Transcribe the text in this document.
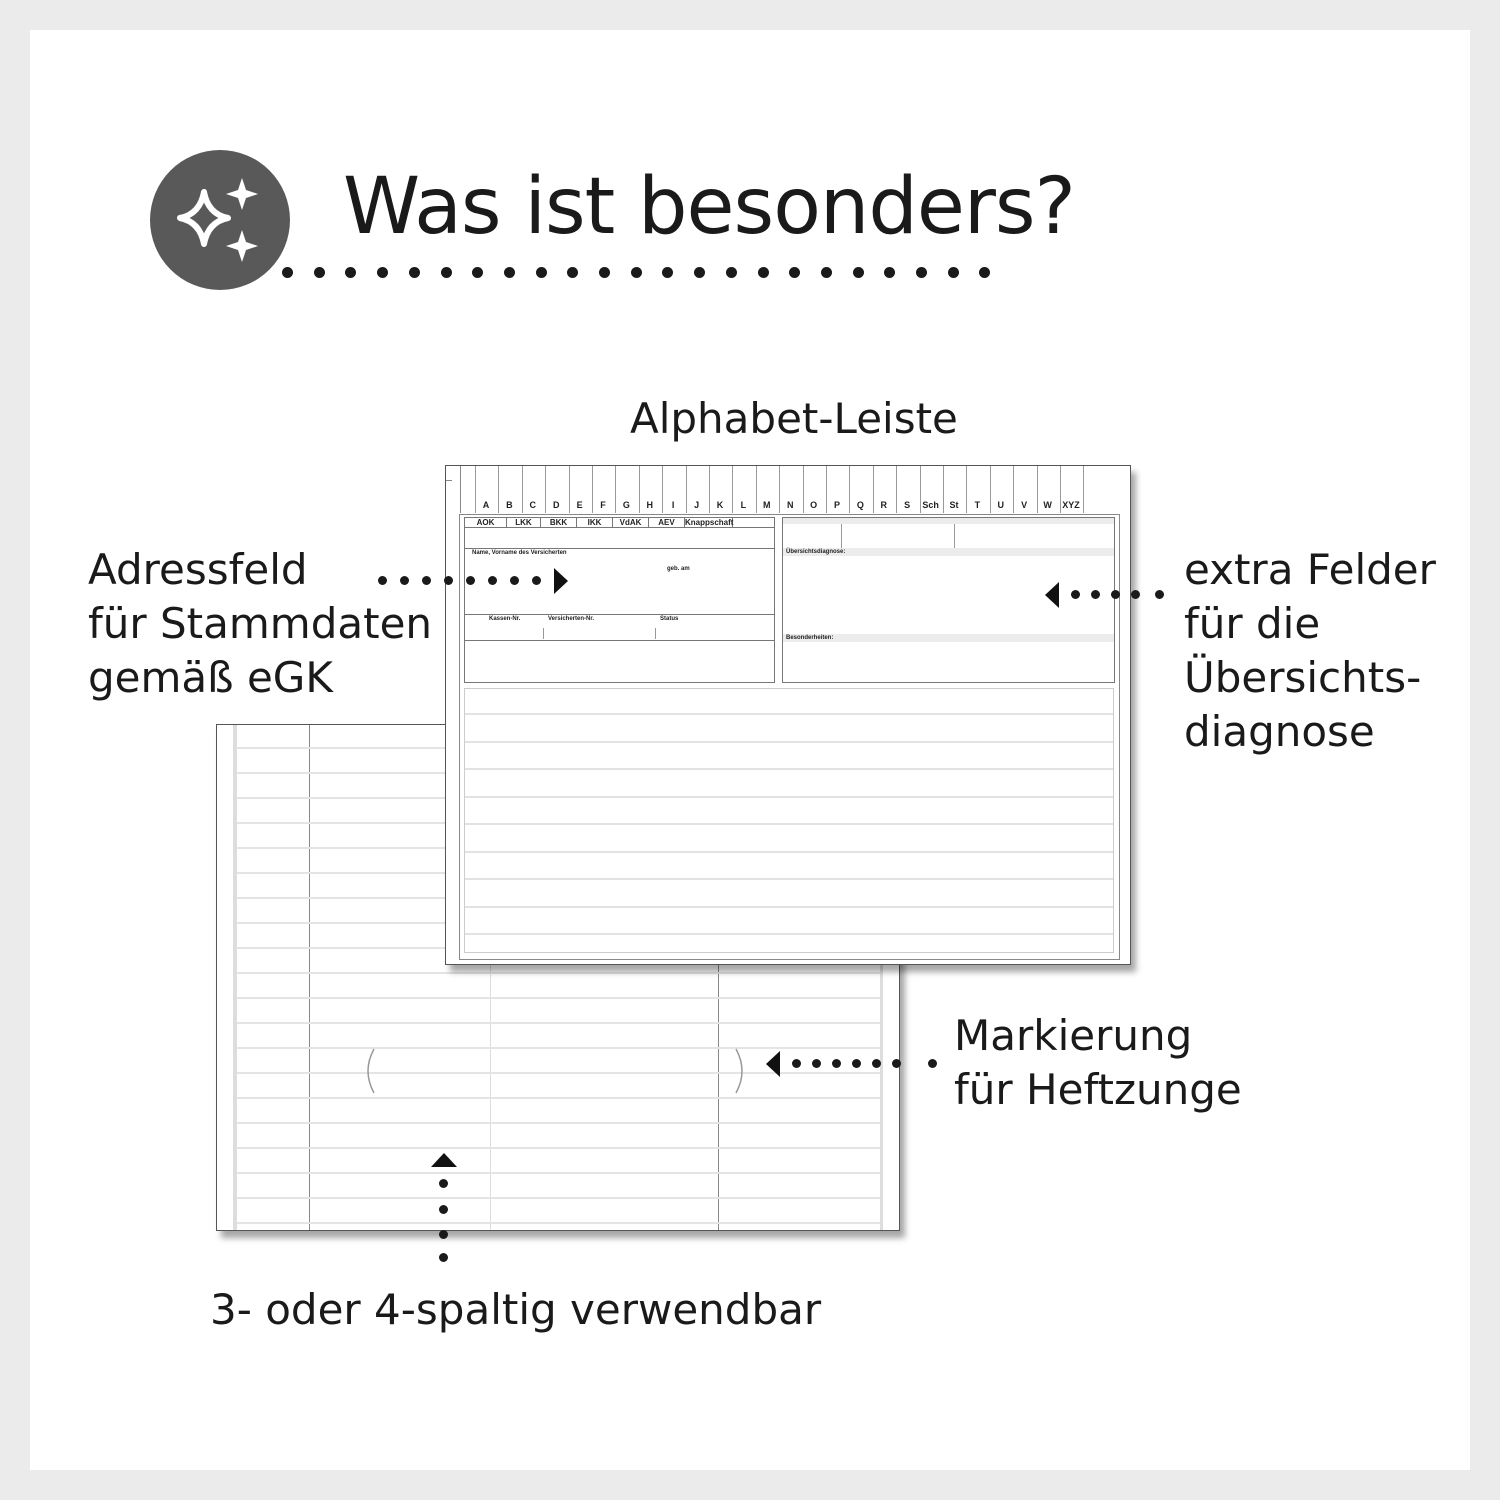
Was ist besonders?
Alphabet-Leiste
Adressfeld
für Stammdaten
gemäß eGK
extra Felder
für die
Übersichts-
diagnose
Markierung
für Heftzunge
3- oder 4-spaltig verwendbar
A	B	C	D	E	F	G	H	I	J	K	L	M	N	O	P	Q	R	S	Sch	St	T	U	V	W	XYZ
AOK	LKK	BKK	IKK	VdAK	AEV	Knappschaft
Name, Vorname des Versicherten
geb. am
Kassen-Nr.	Versicherten-Nr.	Status
Übersichtsdiagnose:
Besonderheiten:
